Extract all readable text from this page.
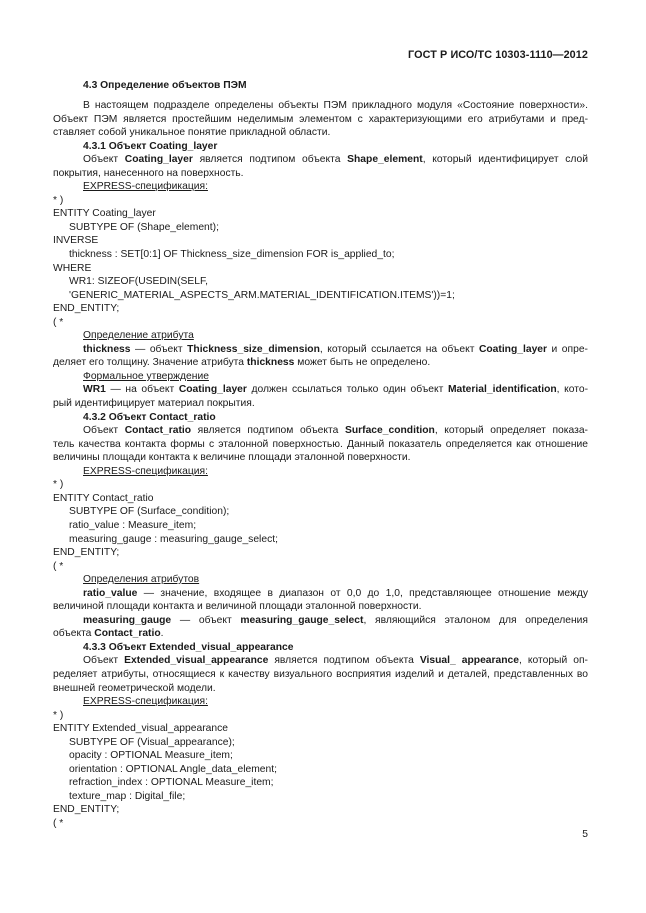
ГОСТ Р ИСО/ТС 10303-1110—2012
4.3 Определение объектов ПЭМ
В настоящем подразделе определены объекты ПЭМ прикладного модуля «Состояние поверхности».
Объект ПЭМ является простейшим неделимым элементом с характеризующими его атрибутами и пред-
ставляет собой уникальное понятие прикладной области.
4.3.1 Объект Coating_layer
Объект Coating_layer является подтипом объекта Shape_element, который идентифицирует слой
покрытия, нанесенного на поверхность.
EXPRESS-спецификация:
* )
ENTITY Coating_layer
SUBTYPE OF (Shape_element);
INVERSE
thickness : SET[0:1] OF Thickness_size_dimension FOR is_applied_to;
WHERE
WR1: SIZEOF(USEDIN(SELF,
'GENERIC_MATERIAL_ASPECTS_ARM.MATERIAL_IDENTIFICATION.ITEMS'))=1;
END_ENTITY;
( *
Определение атрибута
thickness — объект Thickness_size_dimension, который ссылается на объект Coating_layer и опре-
деляет его толщину. Значение атрибута thickness может быть не определено.
Формальное утверждение
WR1 — на объект Coating_layer должен ссылаться только один объект Material_identification, кото-
рый идентифицирует материал покрытия.
4.3.2 Объект Contact_ratio
Объект Contact_ratio является подтипом объекта Surface_condition, который определяет показа-
тель качества контакта формы с эталонной поверхностью. Данный показатель определяется как отношение
величины площади контакта к величине площади эталонной поверхности.
EXPRESS-спецификация:
* )
ENTITY Contact_ratio
SUBTYPE OF (Surface_condition);
ratio_value : Measure_item;
measuring_gauge : measuring_gauge_select;
END_ENTITY;
( *
Определения атрибутов
ratio_value — значение, входящее в диапазон от 0,0 до 1,0, представляющее отношение между
величиной площади контакта и величиной площади эталонной поверхности.
measuring_gauge — объект measuring_gauge_select, являющийся эталоном для определения
объекта Contact_ratio.
4.3.3 Объект Extended_visual_appearance
Объект Extended_visual_appearance является подтипом объекта Visual_ appearance, который оп-
ределяет атрибуты, относящиеся к качеству визуального восприятия изделий и деталей, представленных во
внешней геометрической модели.
EXPRESS-спецификация:
* )
ENTITY Extended_visual_appearance
SUBTYPE OF (Visual_appearance);
opacity : OPTIONAL Measure_item;
orientation : OPTIONAL Angle_data_element;
refraction_index : OPTIONAL Measure_item;
texture_map : Digital_file;
END_ENTITY;
( *
5
